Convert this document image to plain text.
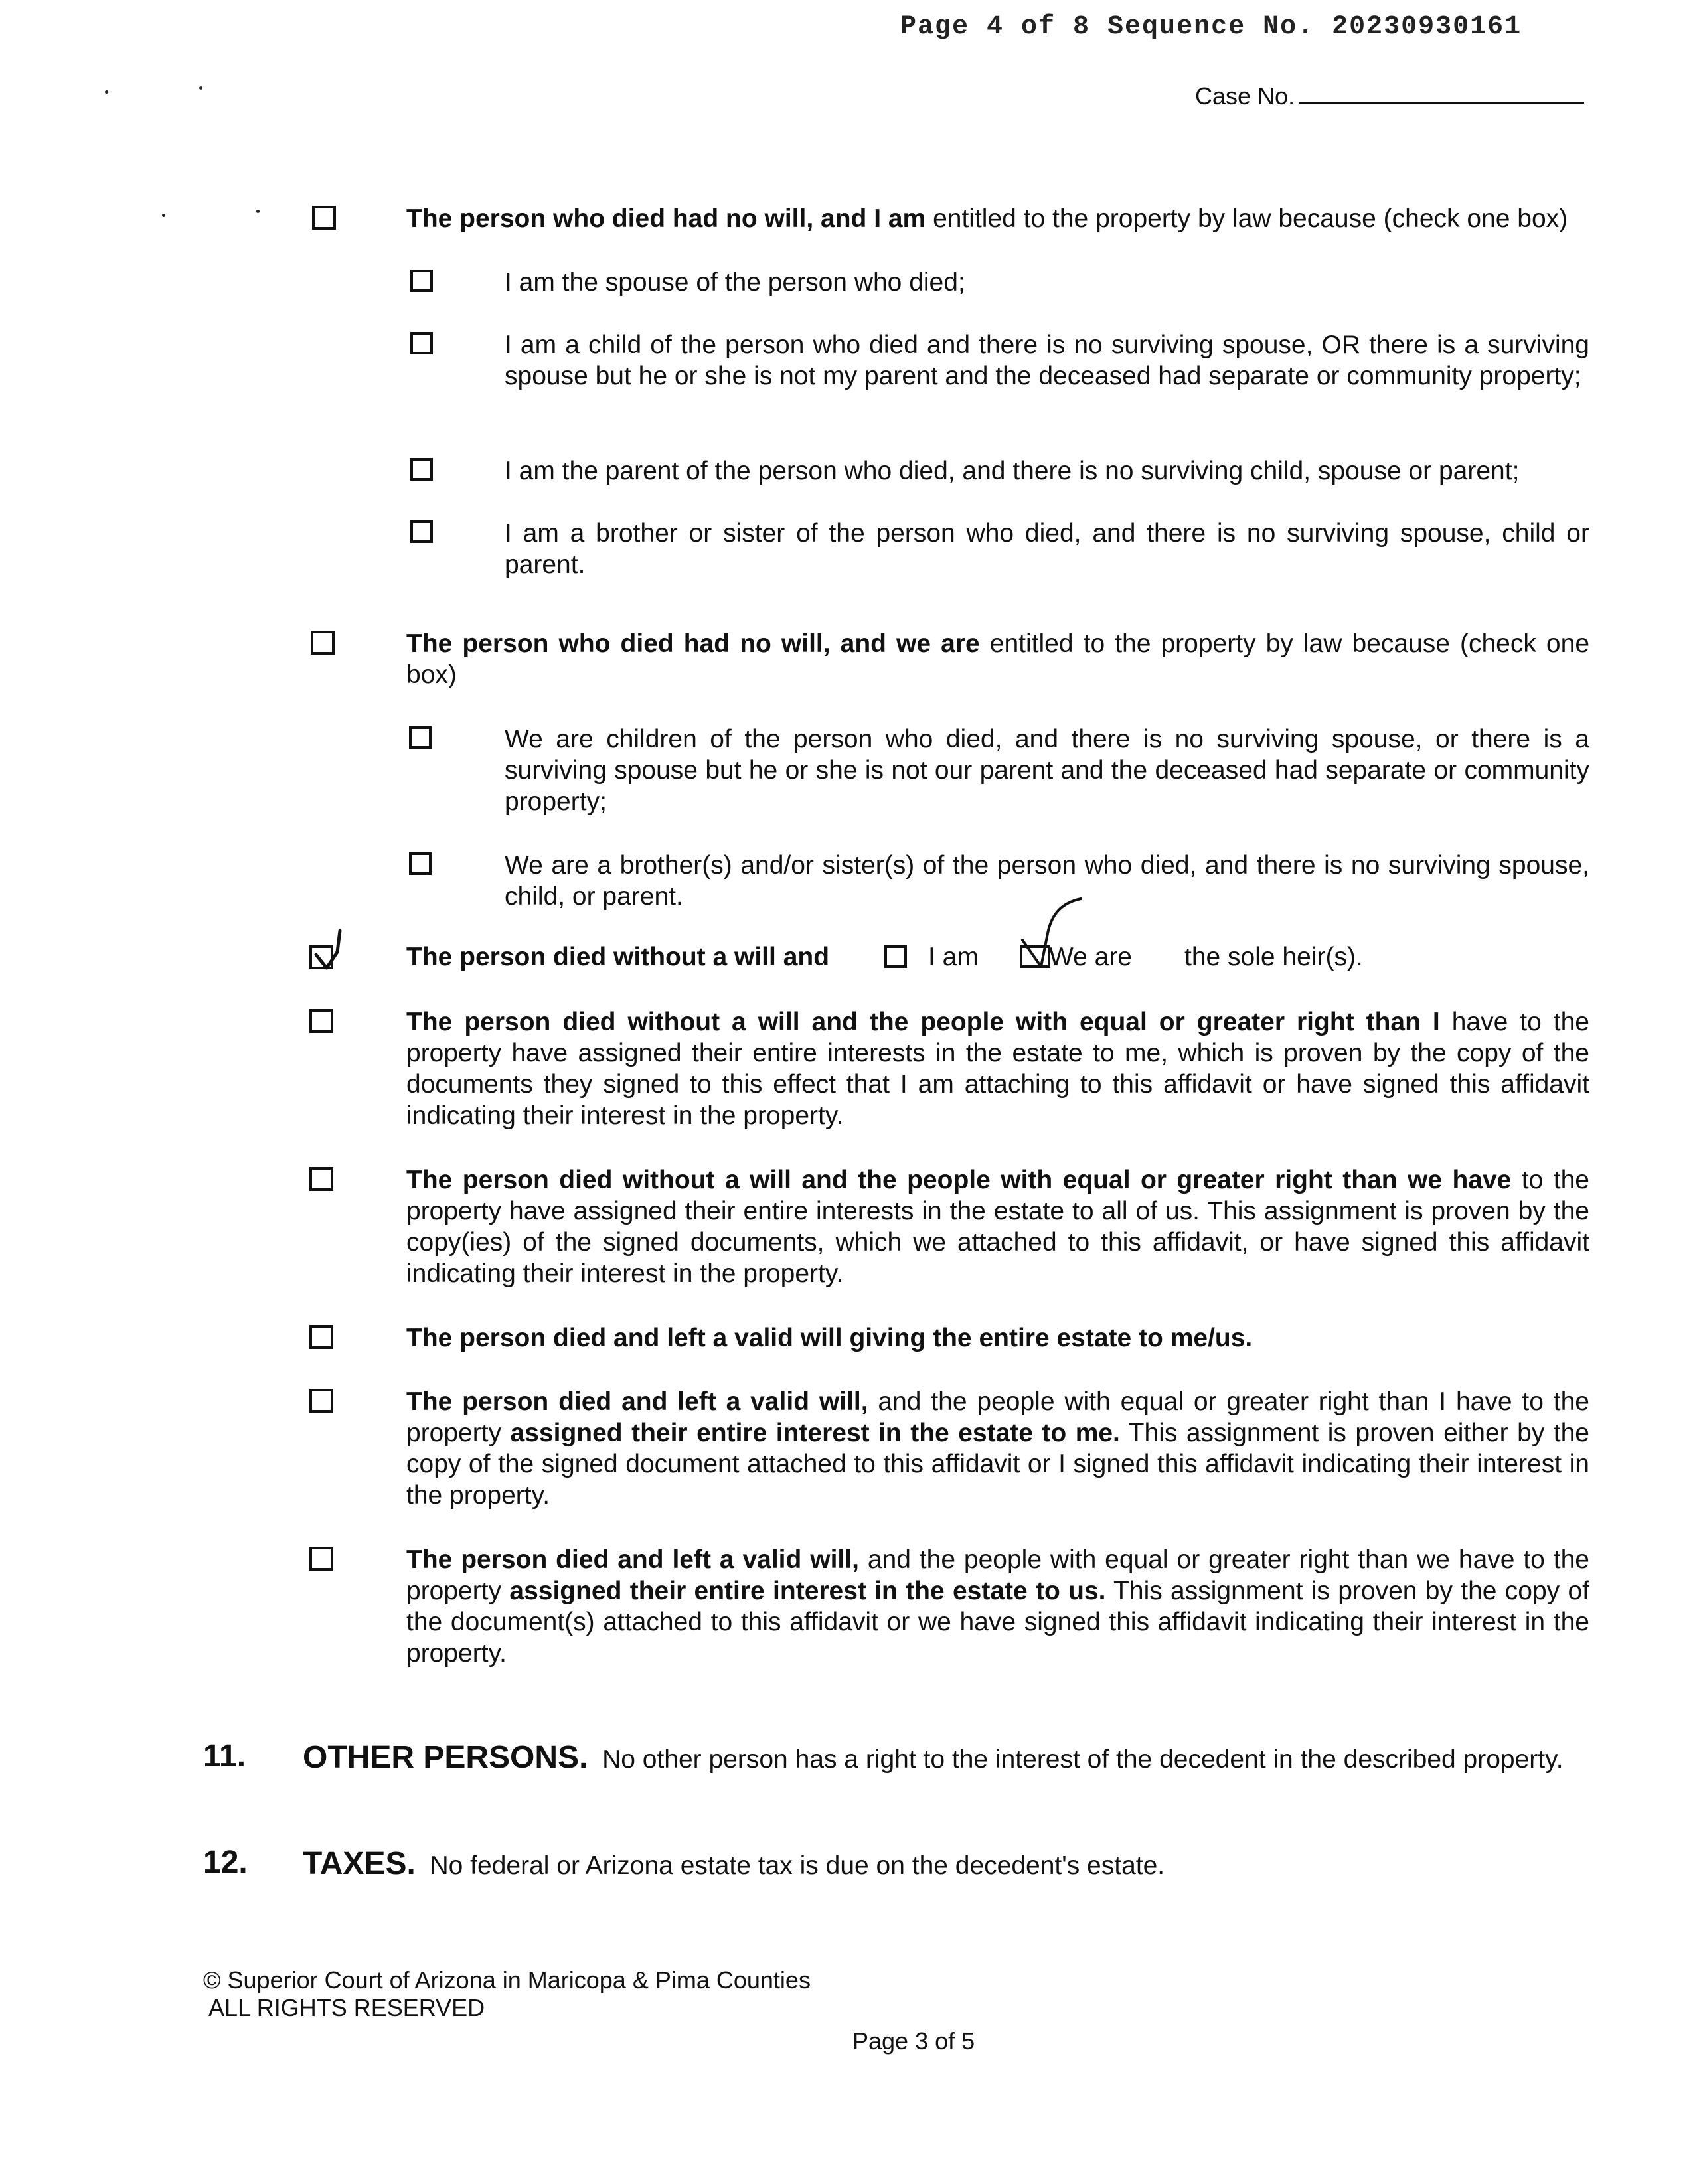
Page 4 of 8 Sequence No. 20230930161
Case No.
The person who died had no will, and I am entitled to the property by law because (check one box)
I am the spouse of the person who died;
I am a child of the person who died and there is no surviving spouse, OR there is a surviving spouse but he or she is not my parent and the deceased had separate or community property;
I am the parent of the person who died, and there is no surviving child, spouse or parent;
I am a brother or sister of the person who died, and there is no surviving spouse, child or parent.
The person who died had no will, and we are entitled to the property by law because (check one box)
We are children of the person who died, and there is no surviving spouse, or there is a surviving spouse but he or she is not our parent and the deceased had separate or community property;
We are a brother(s) and/or sister(s) of the person who died, and there is no surviving spouse, child, or parent.
The person died without a will and	I am	We are the sole heir(s).
The person died without a will and the people with equal or greater right than I have to the property have assigned their entire interests in the estate to me, which is proven by the copy of the documents they signed to this effect that I am attaching to this affidavit or have signed this affidavit indicating their interest in the property.
The person died without a will and the people with equal or greater right than we have to the property have assigned their entire interests in the estate to all of us. This assignment is proven by the copy(ies) of the signed documents, which we attached to this affidavit, or have signed this affidavit indicating their interest in the property.
The person died and left a valid will giving the entire estate to me/us.
The person died and left a valid will, and the people with equal or greater right than I have to the property assigned their entire interest in the estate to me. This assignment is proven either by the copy of the signed document attached to this affidavit or I signed this affidavit indicating their interest in the property.
The person died and left a valid will, and the people with equal or greater right than we have to the property assigned their entire interest in the estate to us. This assignment is proven by the copy of the document(s) attached to this affidavit or we have signed this affidavit indicating their interest in the property.
11. OTHER PERSONS. No other person has a right to the interest of the decedent in the described property.
12. TAXES. No federal or Arizona estate tax is due on the decedent's estate.
© Superior Court of Arizona in Maricopa & Pima Counties
ALL RIGHTS RESERVED
Page 3 of 5
